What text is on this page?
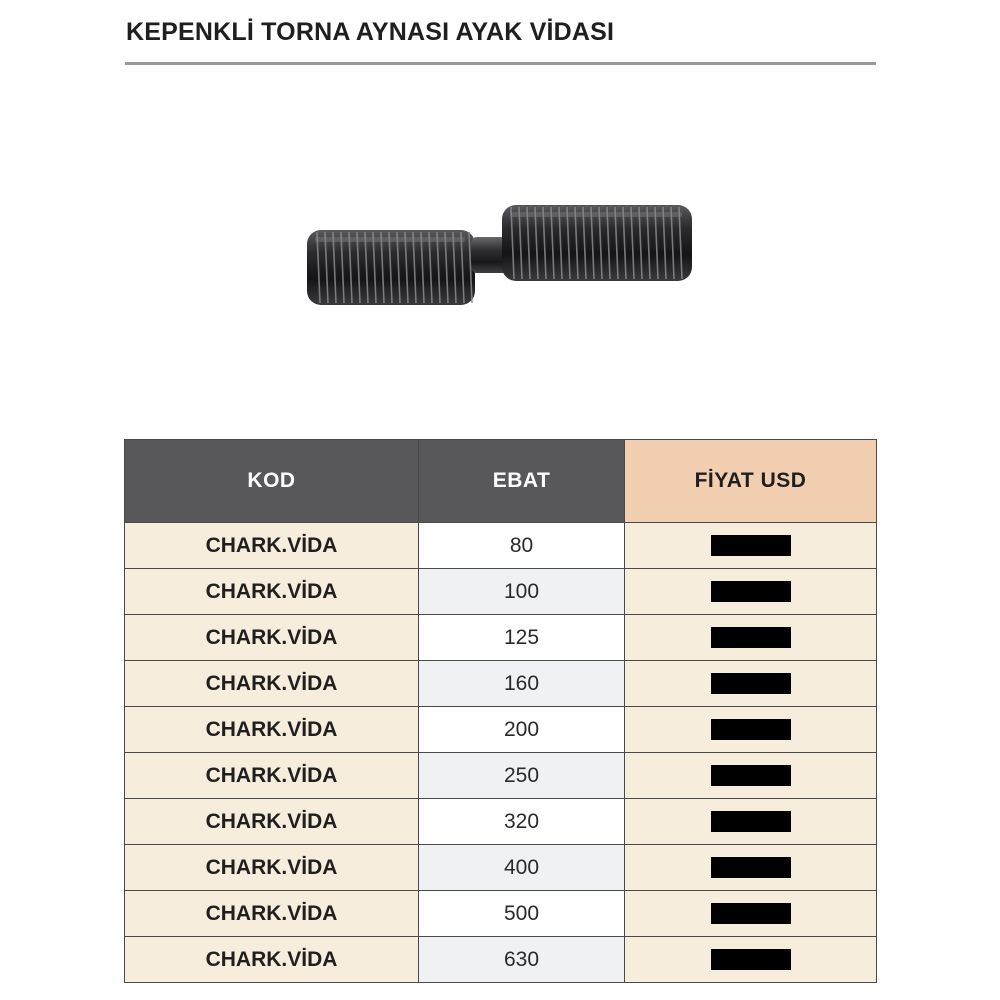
KEPENKLİ TORNA AYNASI AYAK VİDASI
KOD	EBAT	FİYAT USD
CHARK.VİDA	80	
CHARK.VİDA	100	
CHARK.VİDA	125	
CHARK.VİDA	160	
CHARK.VİDA	200	
CHARK.VİDA	250	
CHARK.VİDA	320	
CHARK.VİDA	400	
CHARK.VİDA	500	
CHARK.VİDA	630	
